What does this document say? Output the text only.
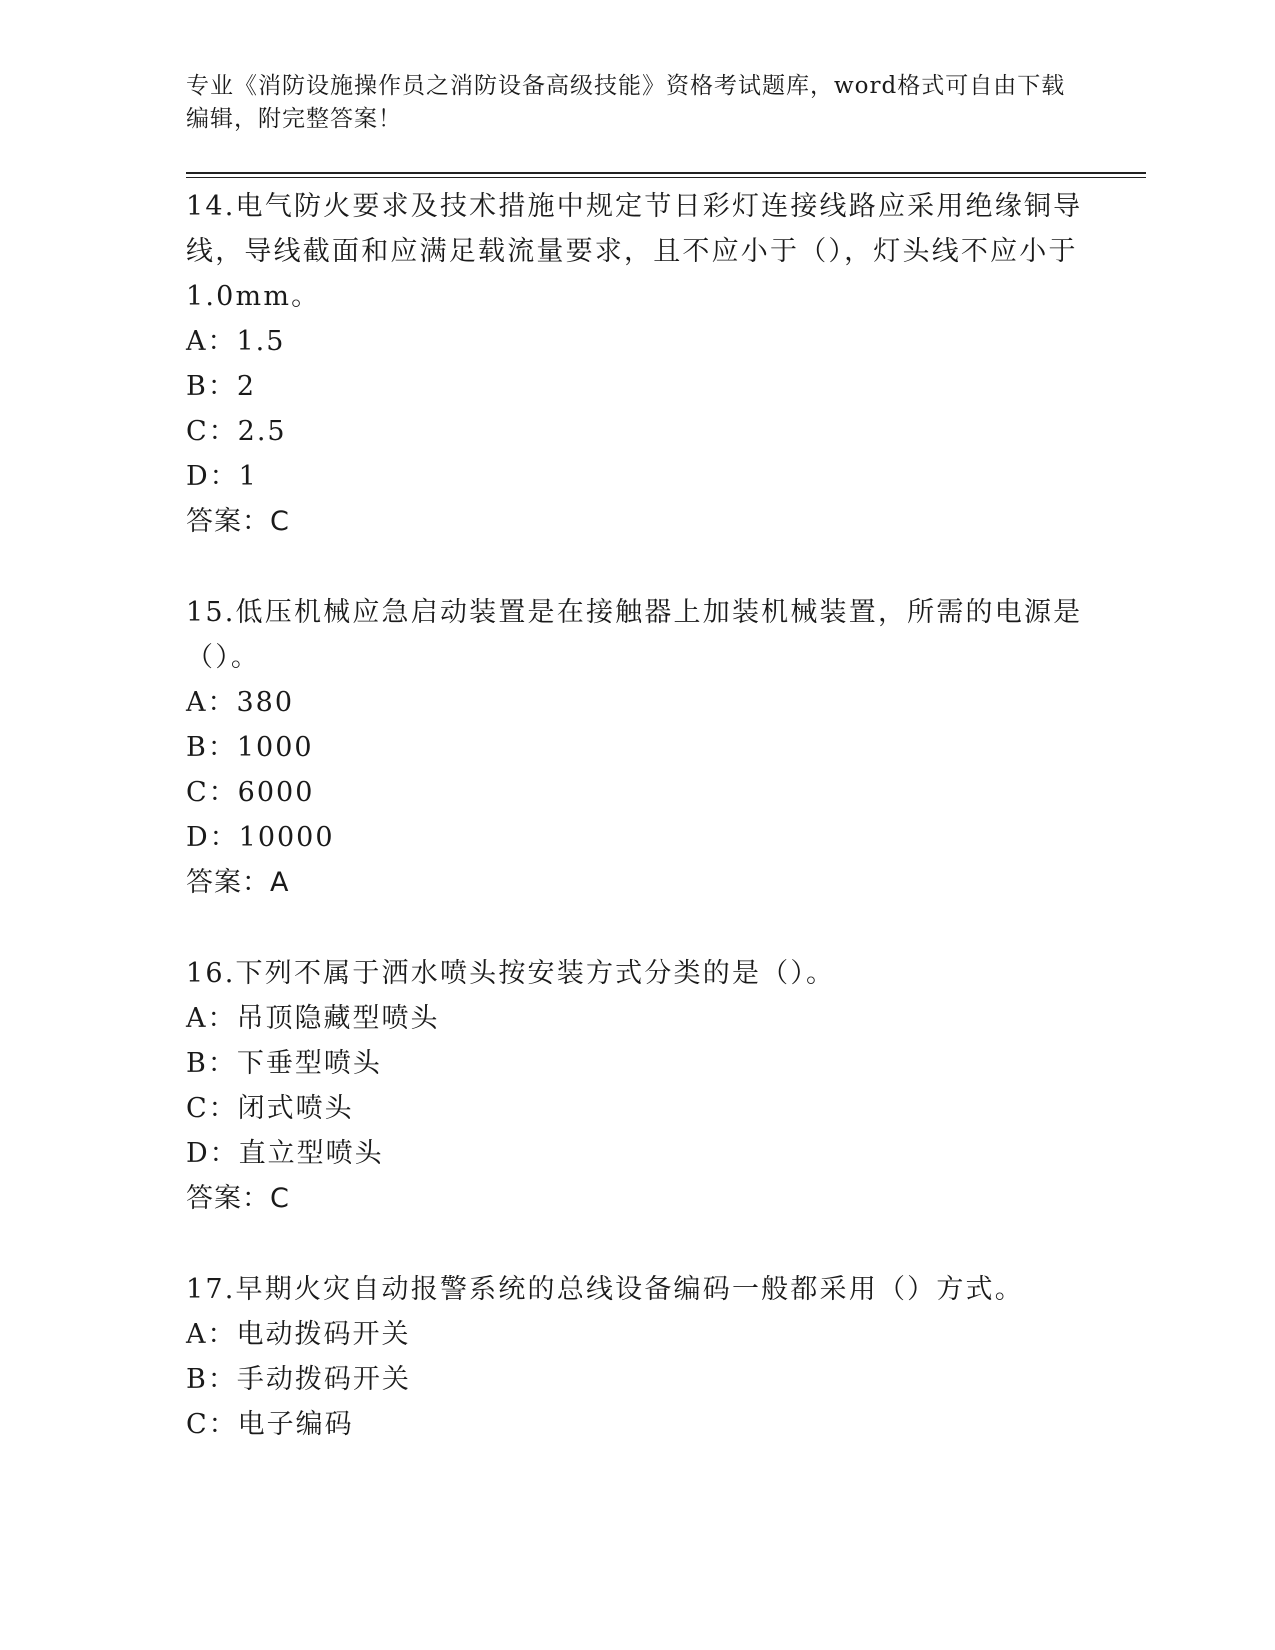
专业《消防设施操作员之消防设备高级技能》资格考试题库，word格式可自由下载编辑，附完整答案！

14.电气防火要求及技术措施中规定节日彩灯连接线路应采用绝缘铜导线，导线截面和应满足载流量要求，且不应小于（），灯头线不应小于1.0mm。

A：1.5

B：2

C：2.5

D：1

答案：C

15.低压机械应急启动装置是在接触器上加装机械装置，所需的电源是（）。

A：380

B：1000

C：6000

D：10000

答案：A

16.下列不属于洒水喷头按安装方式分类的是（）。

A：吊顶隐藏型喷头

B：下垂型喷头

C：闭式喷头

D：直立型喷头

答案：C

17.早期火灾自动报警系统的总线设备编码一般都采用（）方式。

A：电动拨码开关

B：手动拨码开关

C：电子编码
